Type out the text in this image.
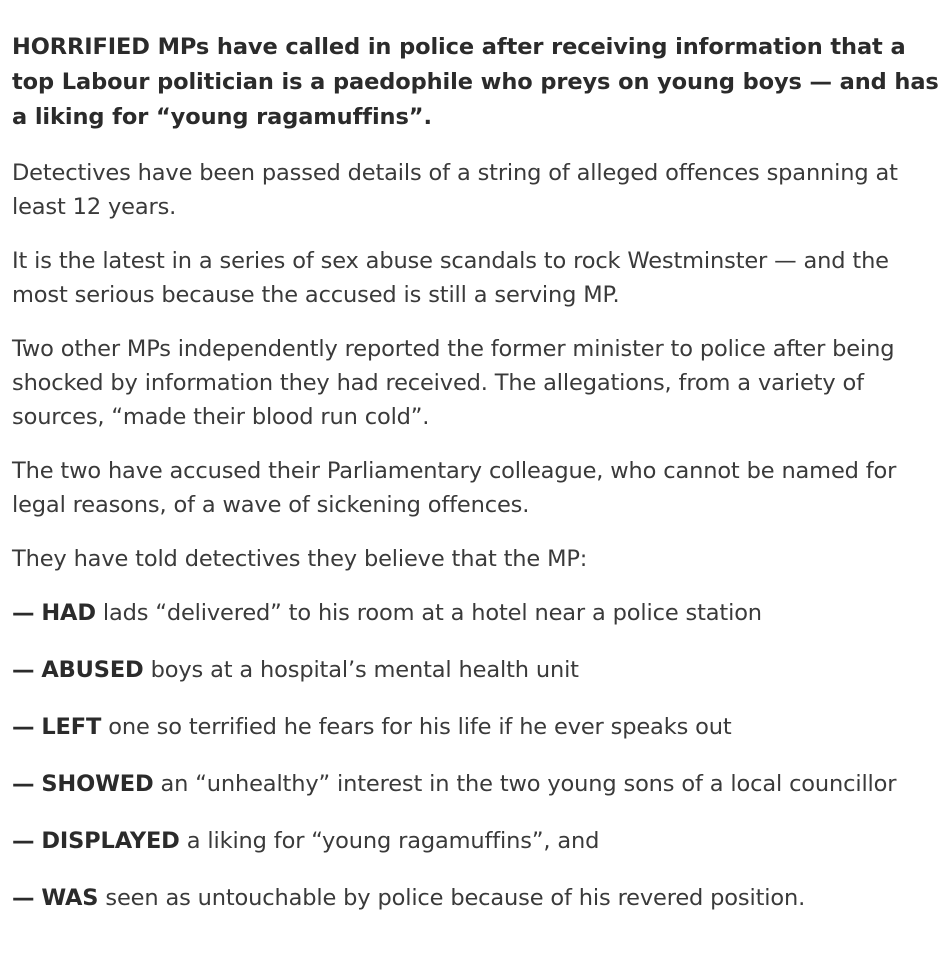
HORRIFIED MPs have called in police after receiving information that a top Labour politician is a paedophile who preys on young boys — and has a liking for “young ragamuffins”.

Detectives have been passed details of a string of alleged offences spanning at least 12 years.

It is the latest in a series of sex abuse scandals to rock Westminster — and the most serious because the accused is still a serving MP.

Two other MPs independently reported the former minister to police after being shocked by information they had received. The allegations, from a variety of sources, “made their blood run cold”.

The two have accused their Parliamentary colleague, who cannot be named for legal reasons, of a wave of sickening offences.

They have told detectives they believe that the MP:

— HAD lads “delivered” to his room at a hotel near a police station
— ABUSED boys at a hospital’s mental health unit
— LEFT one so terrified he fears for his life if he ever speaks out
— SHOWED an “unhealthy” interest in the two young sons of a local councillor
— DISPLAYED a liking for “young ragamuffins”, and
— WAS seen as untouchable by police because of his revered position.
